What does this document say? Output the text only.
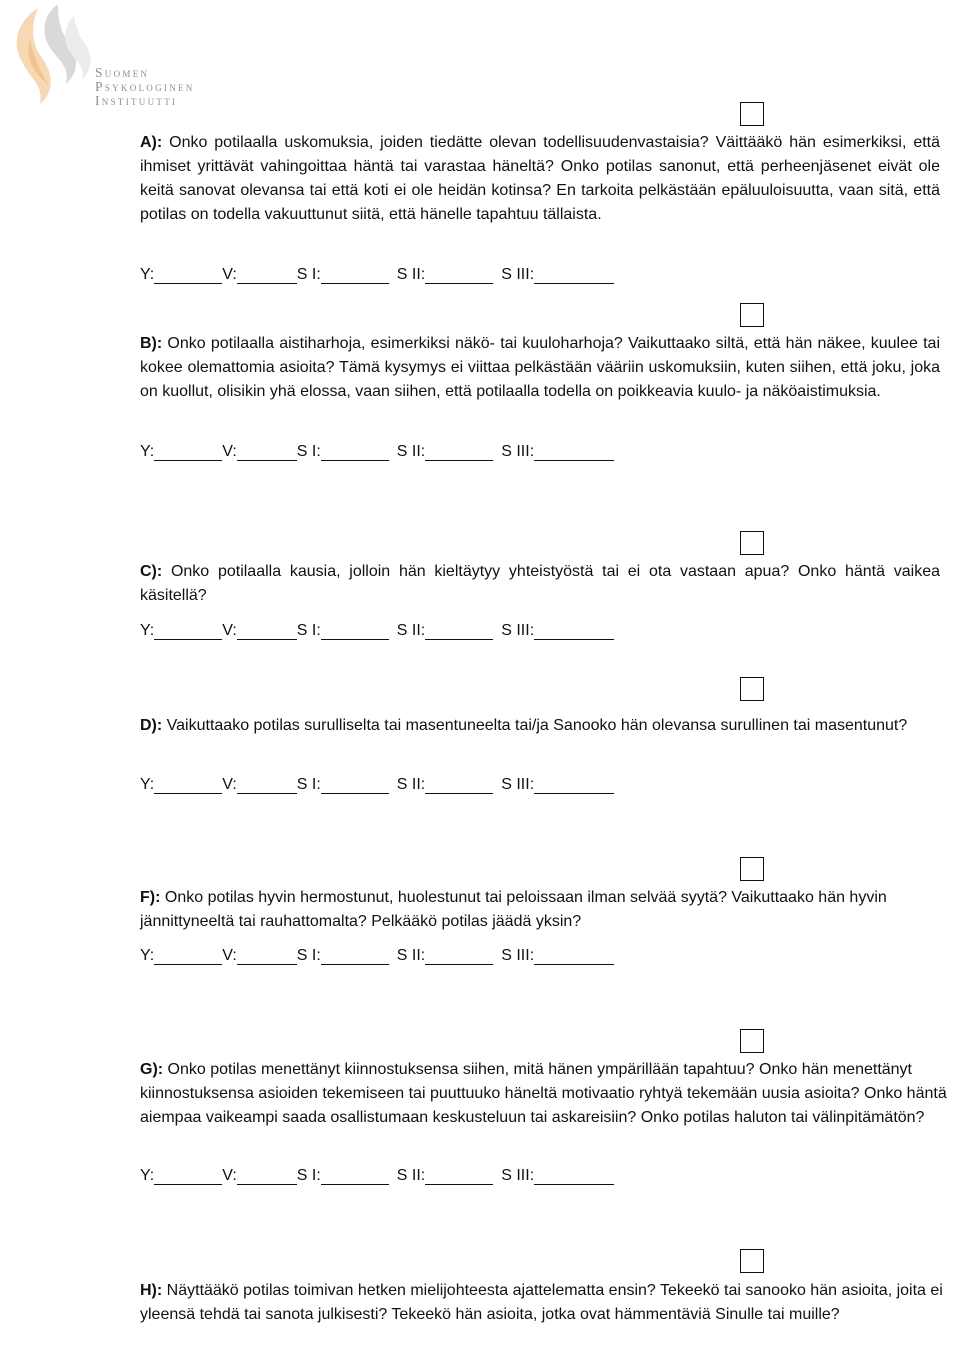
Suomen
Psykologinen
Instituutti

A): Onko potilaalla uskomuksia, joiden tiedätte olevan todellisuudenvastaisia? Väittääkö hän esimerkiksi, että ihmiset yrittävät vahingoittaa häntä tai varastaa häneltä? Onko potilas sanonut, että perheenjäsenet eivät ole keitä sanovat olevansa tai että koti ei ole heidän kotinsa? En tarkoita pelkästään epäluuloisuutta, vaan sitä, että potilas on todella vakuuttunut siitä, että hänelle tapahtuu tällaista.

Y:	V:	S I:	S II:	S III:

B): Onko potilaalla aistiharhoja, esimerkiksi näkö- tai kuuloharhoja? Vaikuttaako siltä, että hän näkee, kuulee tai kokee olemattomia asioita? Tämä kysymys ei viittaa pelkästään vääriin uskomuksiin, kuten siihen, että joku, joka on kuollut, olisikin yhä elossa, vaan siihen, että potilaalla todella on poikkeavia kuulo- ja näköaistimuksia.

Y:	V:	S I:	S II:	S III:

C): Onko potilaalla kausia, jolloin hän kieltäytyy yhteistyöstä tai ei ota vastaan apua? Onko häntä vaikea käsitellä?

Y:	V:	S I:	S II:	S III:

D): Vaikuttaako potilas surulliselta tai masentuneelta tai/ja Sanooko hän olevansa surullinen tai masentunut?

Y:	V:	S I:	S II:	S III:

F): Onko potilas hyvin hermostunut, huolestunut tai peloissaan ilman selvää syytä? Vaikuttaako hän hyvin jännittyneeltä tai rauhattomalta? Pelkääkö potilas jäädä yksin?

Y:	V:	S I:	S II:	S III:

G): Onko potilas menettänyt kiinnostuksensa siihen, mitä hänen ympärillään tapahtuu? Onko hän menettänyt kiinnostuksensa asioiden tekemiseen tai puuttuuko häneltä motivaatio ryhtyä tekemään uusia asioita? Onko häntä aiempaa vaikeampi saada osallistumaan keskusteluun tai askareisiin? Onko potilas haluton tai välinpitämätön?

Y:	V:	S I:	S II:	S III:

H): Näyttääkö potilas toimivan hetken mielijohteesta ajattelematta ensin? Tekeekö tai sanooko hän asioita, joita ei yleensä tehdä tai sanota julkisesti? Tekeekö hän asioita, jotka ovat hämmentäviä Sinulle tai muille?
